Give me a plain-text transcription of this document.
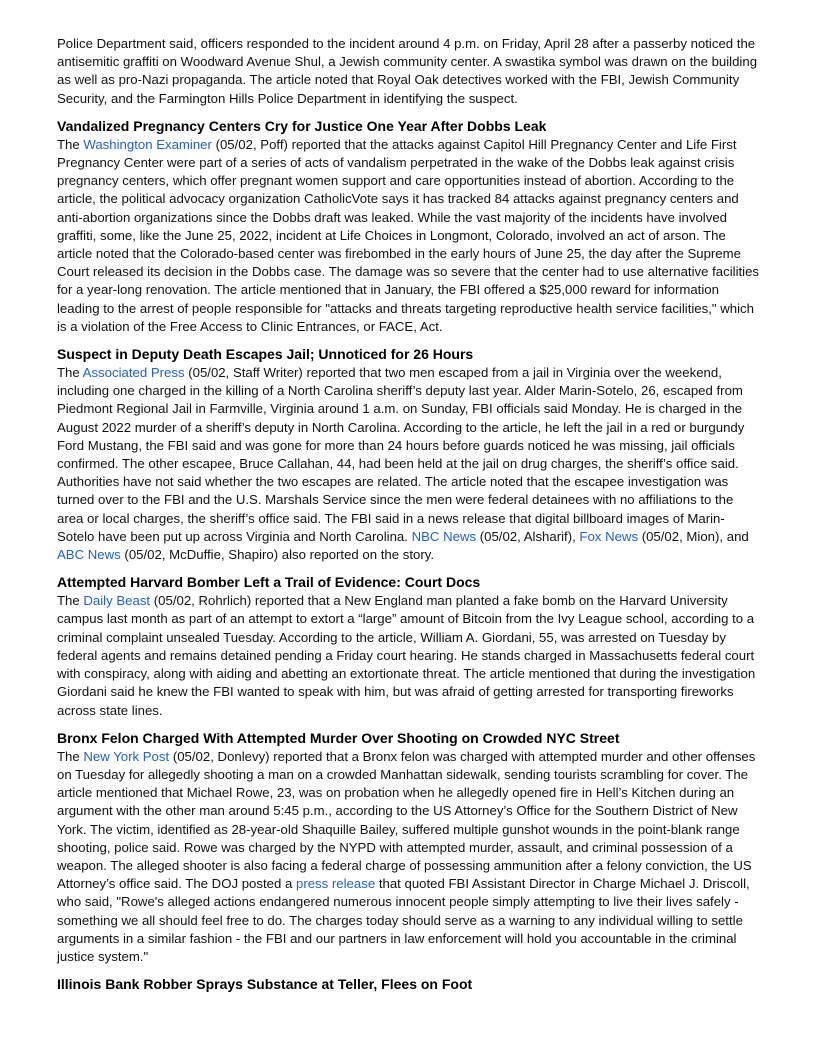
Police Department said, officers responded to the incident around 4 p.m. on Friday, April 28 after a passerby noticed the antisemitic graffiti on Woodward Avenue Shul, a Jewish community center. A swastika symbol was drawn on the building as well as pro-Nazi propaganda. The article noted that Royal Oak detectives worked with the FBI, Jewish Community Security, and the Farmington Hills Police Department in identifying the suspect.

Vandalized Pregnancy Centers Cry for Justice One Year After Dobbs Leak

The Washington Examiner (05/02, Poff) reported that the attacks against Capitol Hill Pregnancy Center and Life First Pregnancy Center were part of a series of acts of vandalism perpetrated in the wake of the Dobbs leak against crisis pregnancy centers, which offer pregnant women support and care opportunities instead of abortion. According to the article, the political advocacy organization CatholicVote says it has tracked 84 attacks against pregnancy centers and anti-abortion organizations since the Dobbs draft was leaked. While the vast majority of the incidents have involved graffiti, some, like the June 25, 2022, incident at Life Choices in Longmont, Colorado, involved an act of arson. The article noted that the Colorado-based center was firebombed in the early hours of June 25, the day after the Supreme Court released its decision in the Dobbs case. The damage was so severe that the center had to use alternative facilities for a year-long renovation. The article mentioned that in January, the FBI offered a $25,000 reward for information leading to the arrest of people responsible for "attacks and threats targeting reproductive health service facilities," which is a violation of the Free Access to Clinic Entrances, or FACE, Act.

Suspect in Deputy Death Escapes Jail; Unnoticed for 26 Hours

The Associated Press (05/02, Staff Writer) reported that two men escaped from a jail in Virginia over the weekend, including one charged in the killing of a North Carolina sheriff’s deputy last year. Alder Marin-Sotelo, 26, escaped from Piedmont Regional Jail in Farmville, Virginia around 1 a.m. on Sunday, FBI officials said Monday. He is charged in the August 2022 murder of a sheriff’s deputy in North Carolina. According to the article, he left the jail in a red or burgundy Ford Mustang, the FBI said and was gone for more than 24 hours before guards noticed he was missing, jail officials confirmed. The other escapee, Bruce Callahan, 44, had been held at the jail on drug charges, the sheriff’s office said. Authorities have not said whether the two escapes are related. The article noted that the escapee investigation was turned over to the FBI and the U.S. Marshals Service since the men were federal detainees with no affiliations to the area or local charges, the sheriff’s office said. The FBI said in a news release that digital billboard images of Marin-Sotelo have been put up across Virginia and North Carolina. NBC News (05/02, Alsharif), Fox News (05/02, Mion), and ABC News (05/02, McDuffie, Shapiro) also reported on the story.

Attempted Harvard Bomber Left a Trail of Evidence: Court Docs

The Daily Beast (05/02, Rohrlich) reported that a New England man planted a fake bomb on the Harvard University campus last month as part of an attempt to extort a “large” amount of Bitcoin from the Ivy League school, according to a criminal complaint unsealed Tuesday. According to the article, William A. Giordani, 55, was arrested on Tuesday by federal agents and remains detained pending a Friday court hearing. He stands charged in Massachusetts federal court with conspiracy, along with aiding and abetting an extortionate threat. The article mentioned that during the investigation Giordani said he knew the FBI wanted to speak with him, but was afraid of getting arrested for transporting fireworks across state lines.

Bronx Felon Charged With Attempted Murder Over Shooting on Crowded NYC Street

The New York Post (05/02, Donlevy) reported that a Bronx felon was charged with attempted murder and other offenses on Tuesday for allegedly shooting a man on a crowded Manhattan sidewalk, sending tourists scrambling for cover. The article mentioned that Michael Rowe, 23, was on probation when he allegedly opened fire in Hell’s Kitchen during an argument with the other man around 5:45 p.m., according to the US Attorney’s Office for the Southern District of New York. The victim, identified as 28-year-old Shaquille Bailey, suffered multiple gunshot wounds in the point-blank range shooting, police said. Rowe was charged by the NYPD with attempted murder, assault, and criminal possession of a weapon. The alleged shooter is also facing a federal charge of possessing ammunition after a felony conviction, the US Attorney’s office said. The DOJ posted a press release that quoted FBI Assistant Director in Charge Michael J. Driscoll, who said, "Rowe's alleged actions endangered numerous innocent people simply attempting to live their lives safely - something we all should feel free to do. The charges today should serve as a warning to any individual willing to settle arguments in a similar fashion - the FBI and our partners in law enforcement will hold you accountable in the criminal justice system."

Illinois Bank Robber Sprays Substance at Teller, Flees on Foot
